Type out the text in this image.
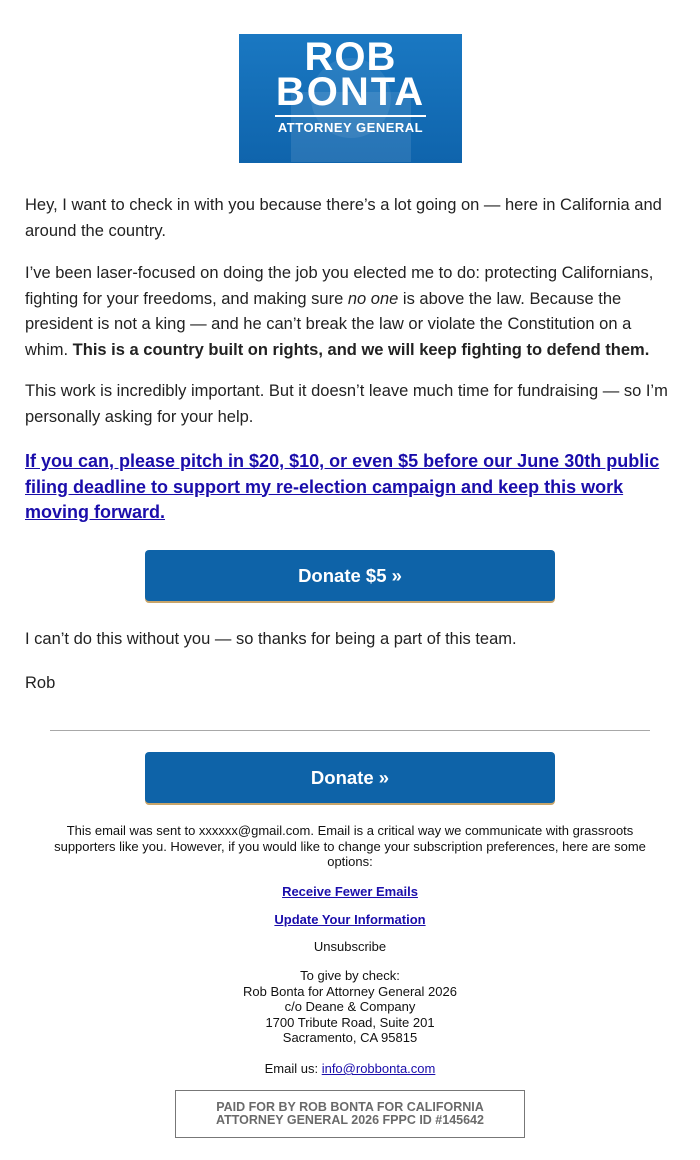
ROB
BONTA
ATTORNEY GENERAL

Hey, I want to check in with you because there’s a lot going on — here in California and around the country.

I’ve been laser-focused on doing the job you elected me to do: protecting Californians, fighting for your freedoms, and making sure no one is above the law. Because the president is not a king — and he can’t break the law or violate the Constitution on a whim. This is a country built on rights, and we will keep fighting to defend them.

This work is incredibly important. But it doesn’t leave much time for fundraising — so I’m personally asking for your help.

If you can, please pitch in $20, $10, or even $5 before our June 30th public filing deadline to support my re-election campaign and keep this work moving forward.

Donate $5 »

I can’t do this without you — so thanks for being a part of this team.

Rob

Donate »

This email was sent to xxxxxx@gmail.com. Email is a critical way we communicate with grassroots supporters like you. However, if you would like to change your subscription preferences, here are some options:

Receive Fewer Emails

Update Your Information

Unsubscribe

To give by check:
Rob Bonta for Attorney General 2026
c/o Deane & Company
1700 Tribute Road, Suite 201
Sacramento, CA 95815

Email us: info@robbonta.com

PAID FOR BY ROB BONTA FOR CALIFORNIA
ATTORNEY GENERAL 2026 FPPC ID #145642
